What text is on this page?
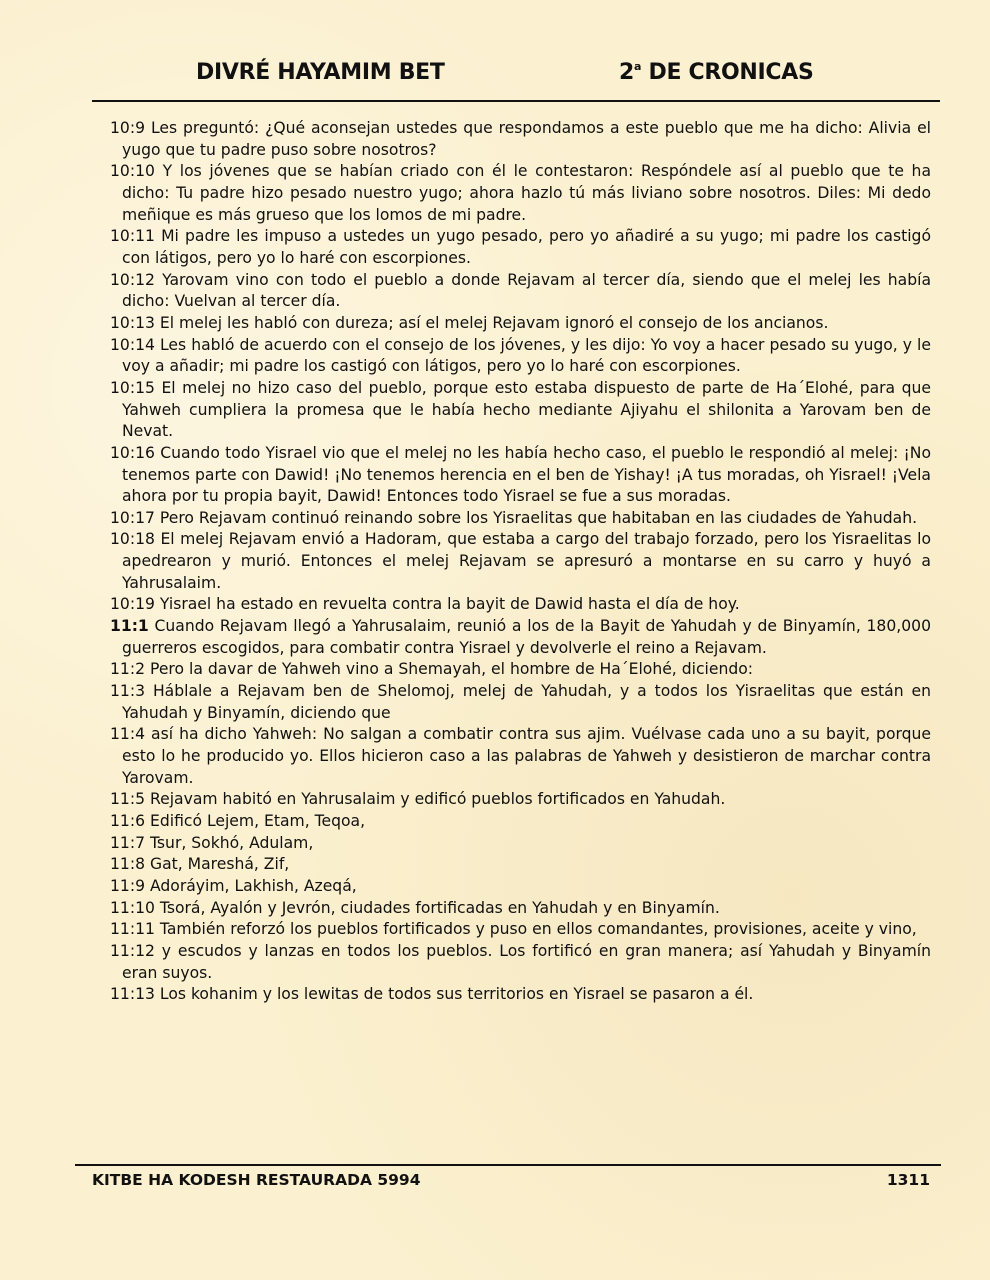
DIVRÉ HAYAMIM BET	2$^a$ DE CRONICAS

10:9 Les preguntó: ¿Qué aconsejan ustedes que respondamos a este pueblo que me ha dicho: Alivia el yugo que tu padre puso sobre nosotros?

10:10 Y los jóvenes que se habían criado con él le contestaron: Respóndele así al pueblo que te ha dicho: Tu padre hizo pesado nuestro yugo; ahora hazlo tú más liviano sobre nosotros. Diles: Mi dedo meñique es más grueso que los lomos de mi padre.

10:11 Mi padre les impuso a ustedes un yugo pesado, pero yo añadiré a su yugo; mi padre los castigó con látigos, pero yo lo haré con escorpiones.

10:12 Yarovam vino con todo el pueblo a donde Rejavam al tercer día, siendo que el melej les había dicho: Vuelvan al tercer día.

10:13 El melej les habló con dureza; así el melej Rejavam ignoró el consejo de los ancianos.

10:14 Les habló de acuerdo con el consejo de los jóvenes, y les dijo: Yo voy a hacer pesado su yugo, y le voy a añadir; mi padre los castigó con látigos, pero yo lo haré con escorpiones.

10:15 El melej no hizo caso del pueblo, porque esto estaba dispuesto de parte de Ha´Elohé, para que Yahweh cumpliera la promesa que le había hecho mediante Ajiyahu el shilonita a Yarovam ben de Nevat.

10:16 Cuando todo Yisrael vio que el melej no les había hecho caso, el pueblo le respondió al melej: ¡No tenemos parte con Dawid! ¡No tenemos herencia en el ben de Yishay! ¡A tus moradas, oh Yisrael! ¡Vela ahora por tu propia bayit, Dawid! Entonces todo Yisrael se fue a sus moradas.

10:17 Pero Rejavam continuó reinando sobre los Yisraelitas que habitaban en las ciudades de Yahudah.

10:18 El melej Rejavam envió a Hadoram, que estaba a cargo del trabajo forzado, pero los Yisraelitas lo apedrearon y murió. Entonces el melej Rejavam se apresuró a montarse en su carro y huyó a Yahrusalaim.

10:19 Yisrael ha estado en revuelta contra la bayit de Dawid hasta el día de hoy.

11:1 Cuando Rejavam llegó a Yahrusalaim, reunió a los de la Bayit de Yahudah y de Binyamín, 180,000 guerreros escogidos, para combatir contra Yisrael y devolverle el reino a Rejavam.

11:2 Pero la davar de Yahweh vino a Shemayah, el hombre de Ha´Elohé, diciendo:

11:3 Háblale a Rejavam ben de Shelomoj, melej de Yahudah, y a todos los Yisraelitas que están en Yahudah y Binyamín, diciendo que

11:4 así ha dicho Yahweh: No salgan a combatir contra sus ajim. Vuélvase cada uno a su bayit, porque esto lo he producido yo. Ellos hicieron caso a las palabras de Yahweh y desistieron de marchar contra Yarovam.

11:5 Rejavam habitó en Yahrusalaim y edificó pueblos fortificados en Yahudah.

11:6 Edificó Lejem, Etam, Teqoa,

11:7 Tsur, Sokhó, Adulam,

11:8 Gat, Mareshá, Zif,

11:9 Adoráyim, Lakhish, Azeqá,

11:10 Tsorá, Ayalón y Jevrón, ciudades fortificadas en Yahudah y en Binyamín.

11:11 También reforzó los pueblos fortificados y puso en ellos comandantes, provisiones, aceite y vino,

11:12 y escudos y lanzas en todos los pueblos. Los fortificó en gran manera; así Yahudah y Binyamín eran suyos.

11:13 Los kohanim y los lewitas de todos sus territorios en Yisrael se pasaron a él.

KITBE HA KODESH RESTAURADA 5994	1311
